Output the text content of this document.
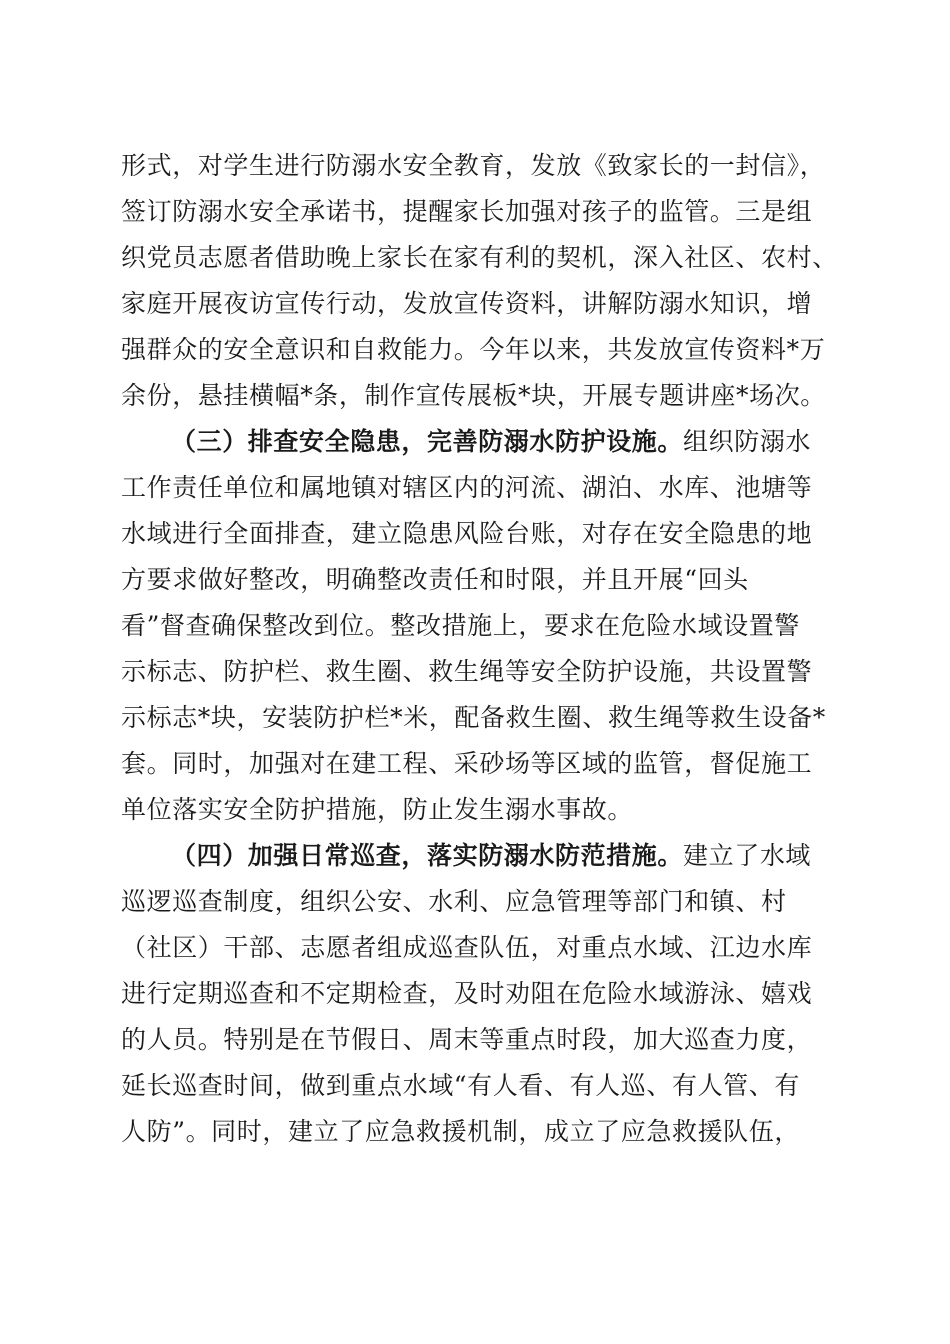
形式，对学生进行防溺水安全教育，发放《致家长的一封信》，
签订防溺水安全承诺书，提醒家长加强对孩子的监管。三是组
织党员志愿者借助晚上家长在家有利的契机，深入社区、农村、
家庭开展夜访宣传行动，发放宣传资料，讲解防溺水知识，增
强群众的安全意识和自救能力。今年以来，共发放宣传资料*万
余份，悬挂横幅*条，制作宣传展板*块，开展专题讲座*场次。
（三）排查安全隐患，完善防溺水防护设施。组织防溺水
工作责任单位和属地镇对辖区内的河流、湖泊、水库、池塘等
水域进行全面排查，建立隐患风险台账，对存在安全隐患的地
方要求做好整改，明确整改责任和时限，并且开展“回头
看”督查确保整改到位。整改措施上，要求在危险水域设置警
示标志、防护栏、救生圈、救生绳等安全防护设施，共设置警
示标志*块，安装防护栏*米，配备救生圈、救生绳等救生设备*
套。同时，加强对在建工程、采砂场等区域的监管，督促施工
单位落实安全防护措施，防止发生溺水事故。
（四）加强日常巡查，落实防溺水防范措施。建立了水域
巡逻巡查制度，组织公安、水利、应急管理等部门和镇、村
（社区）干部、志愿者组成巡查队伍，对重点水域、江边水库
进行定期巡查和不定期检查，及时劝阻在危险水域游泳、嬉戏
的人员。特别是在节假日、周末等重点时段，加大巡查力度，
延长巡查时间，做到重点水域“有人看、有人巡、有人管、有
人防”。同时，建立了应急救援机制，成立了应急救援队伍，
